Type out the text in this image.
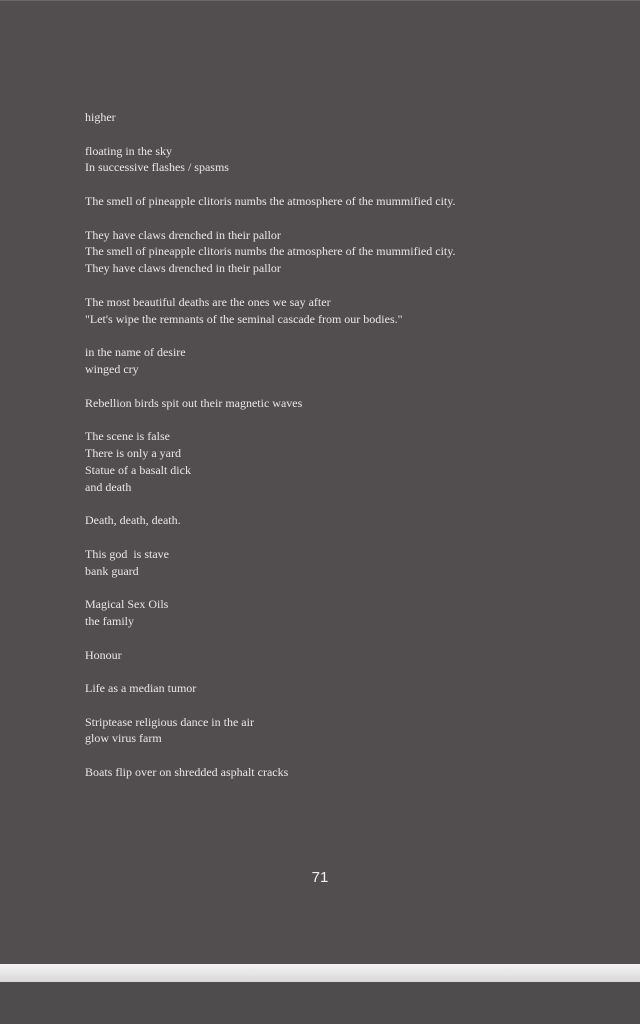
higher
floating in the sky
In successive flashes / spasms
The smell of pineapple clitoris numbs the atmosphere of the mummified city.
They have claws drenched in their pallor
The smell of pineapple clitoris numbs the atmosphere of the mummified city.
They have claws drenched in their pallor
The most beautiful deaths are the ones we say after
"Let's wipe the remnants of the seminal cascade from our bodies."
in the name of desire
winged cry
Rebellion birds spit out their magnetic waves
The scene is false
There is only a yard
Statue of a basalt dick
and death
Death, death, death.
This god  is stave
bank guard
Magical Sex Oils
the family
Honour
Life as a median tumor
Striptease religious dance in the air
glow virus farm
Boats flip over on shredded asphalt cracks
71
